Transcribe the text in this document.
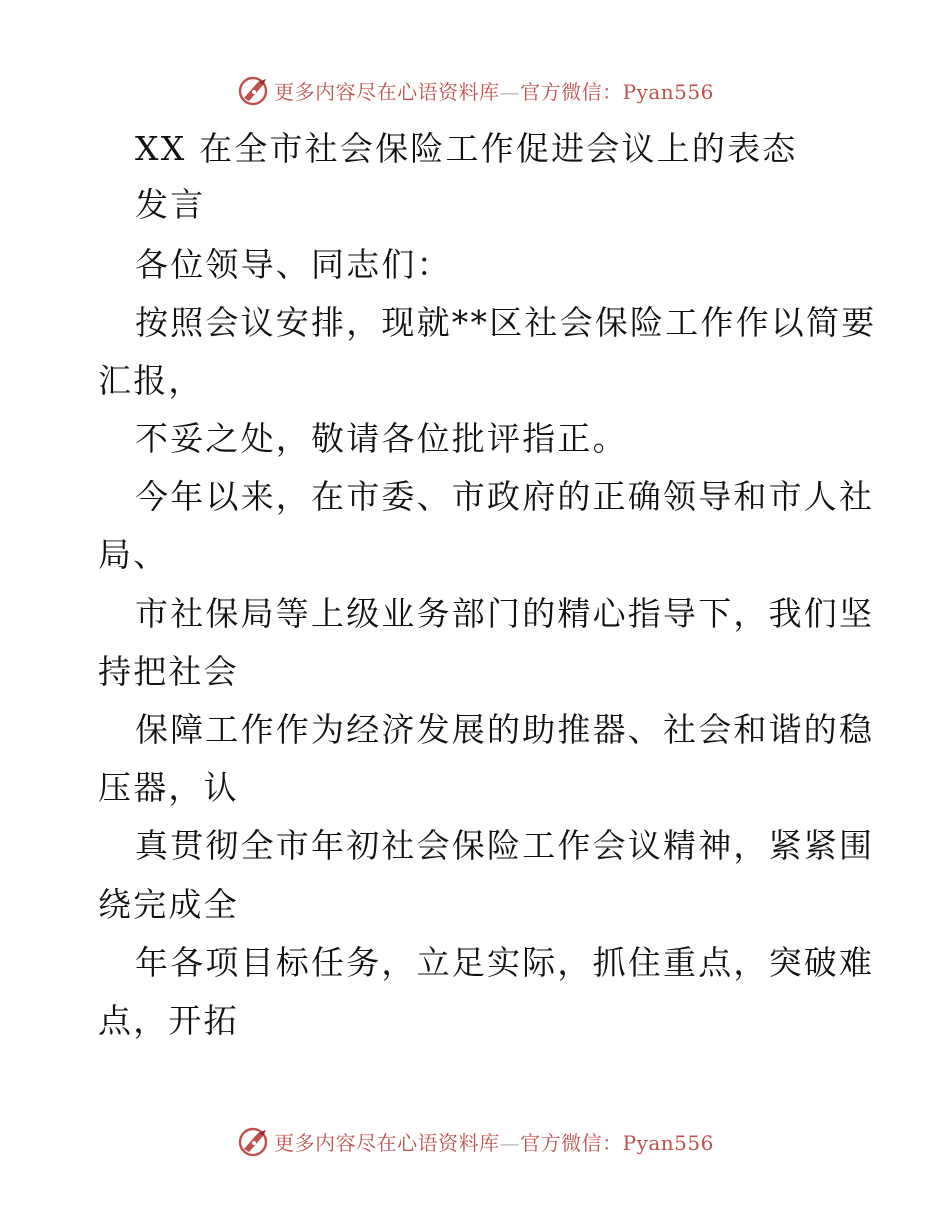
更多内容尽在心语资料库—官方微信：Pyan556
XX 在全市社会保险工作促进会议上的表态
发言
各位领导、同志们：
按照会议安排，现就**区社会保险工作作以简要
汇报，
不妥之处，敬请各位批评指正。
今年以来，在市委、市政府的正确领导和市人社
局、
市社保局等上级业务部门的精心指导下，我们坚
持把社会
保障工作作为经济发展的助推器、社会和谐的稳
压器，认
真贯彻全市年初社会保险工作会议精神，紧紧围
绕完成全
年各项目标任务，立足实际，抓住重点，突破难
点，开拓
更多内容尽在心语资料库—官方微信：Pyan556
